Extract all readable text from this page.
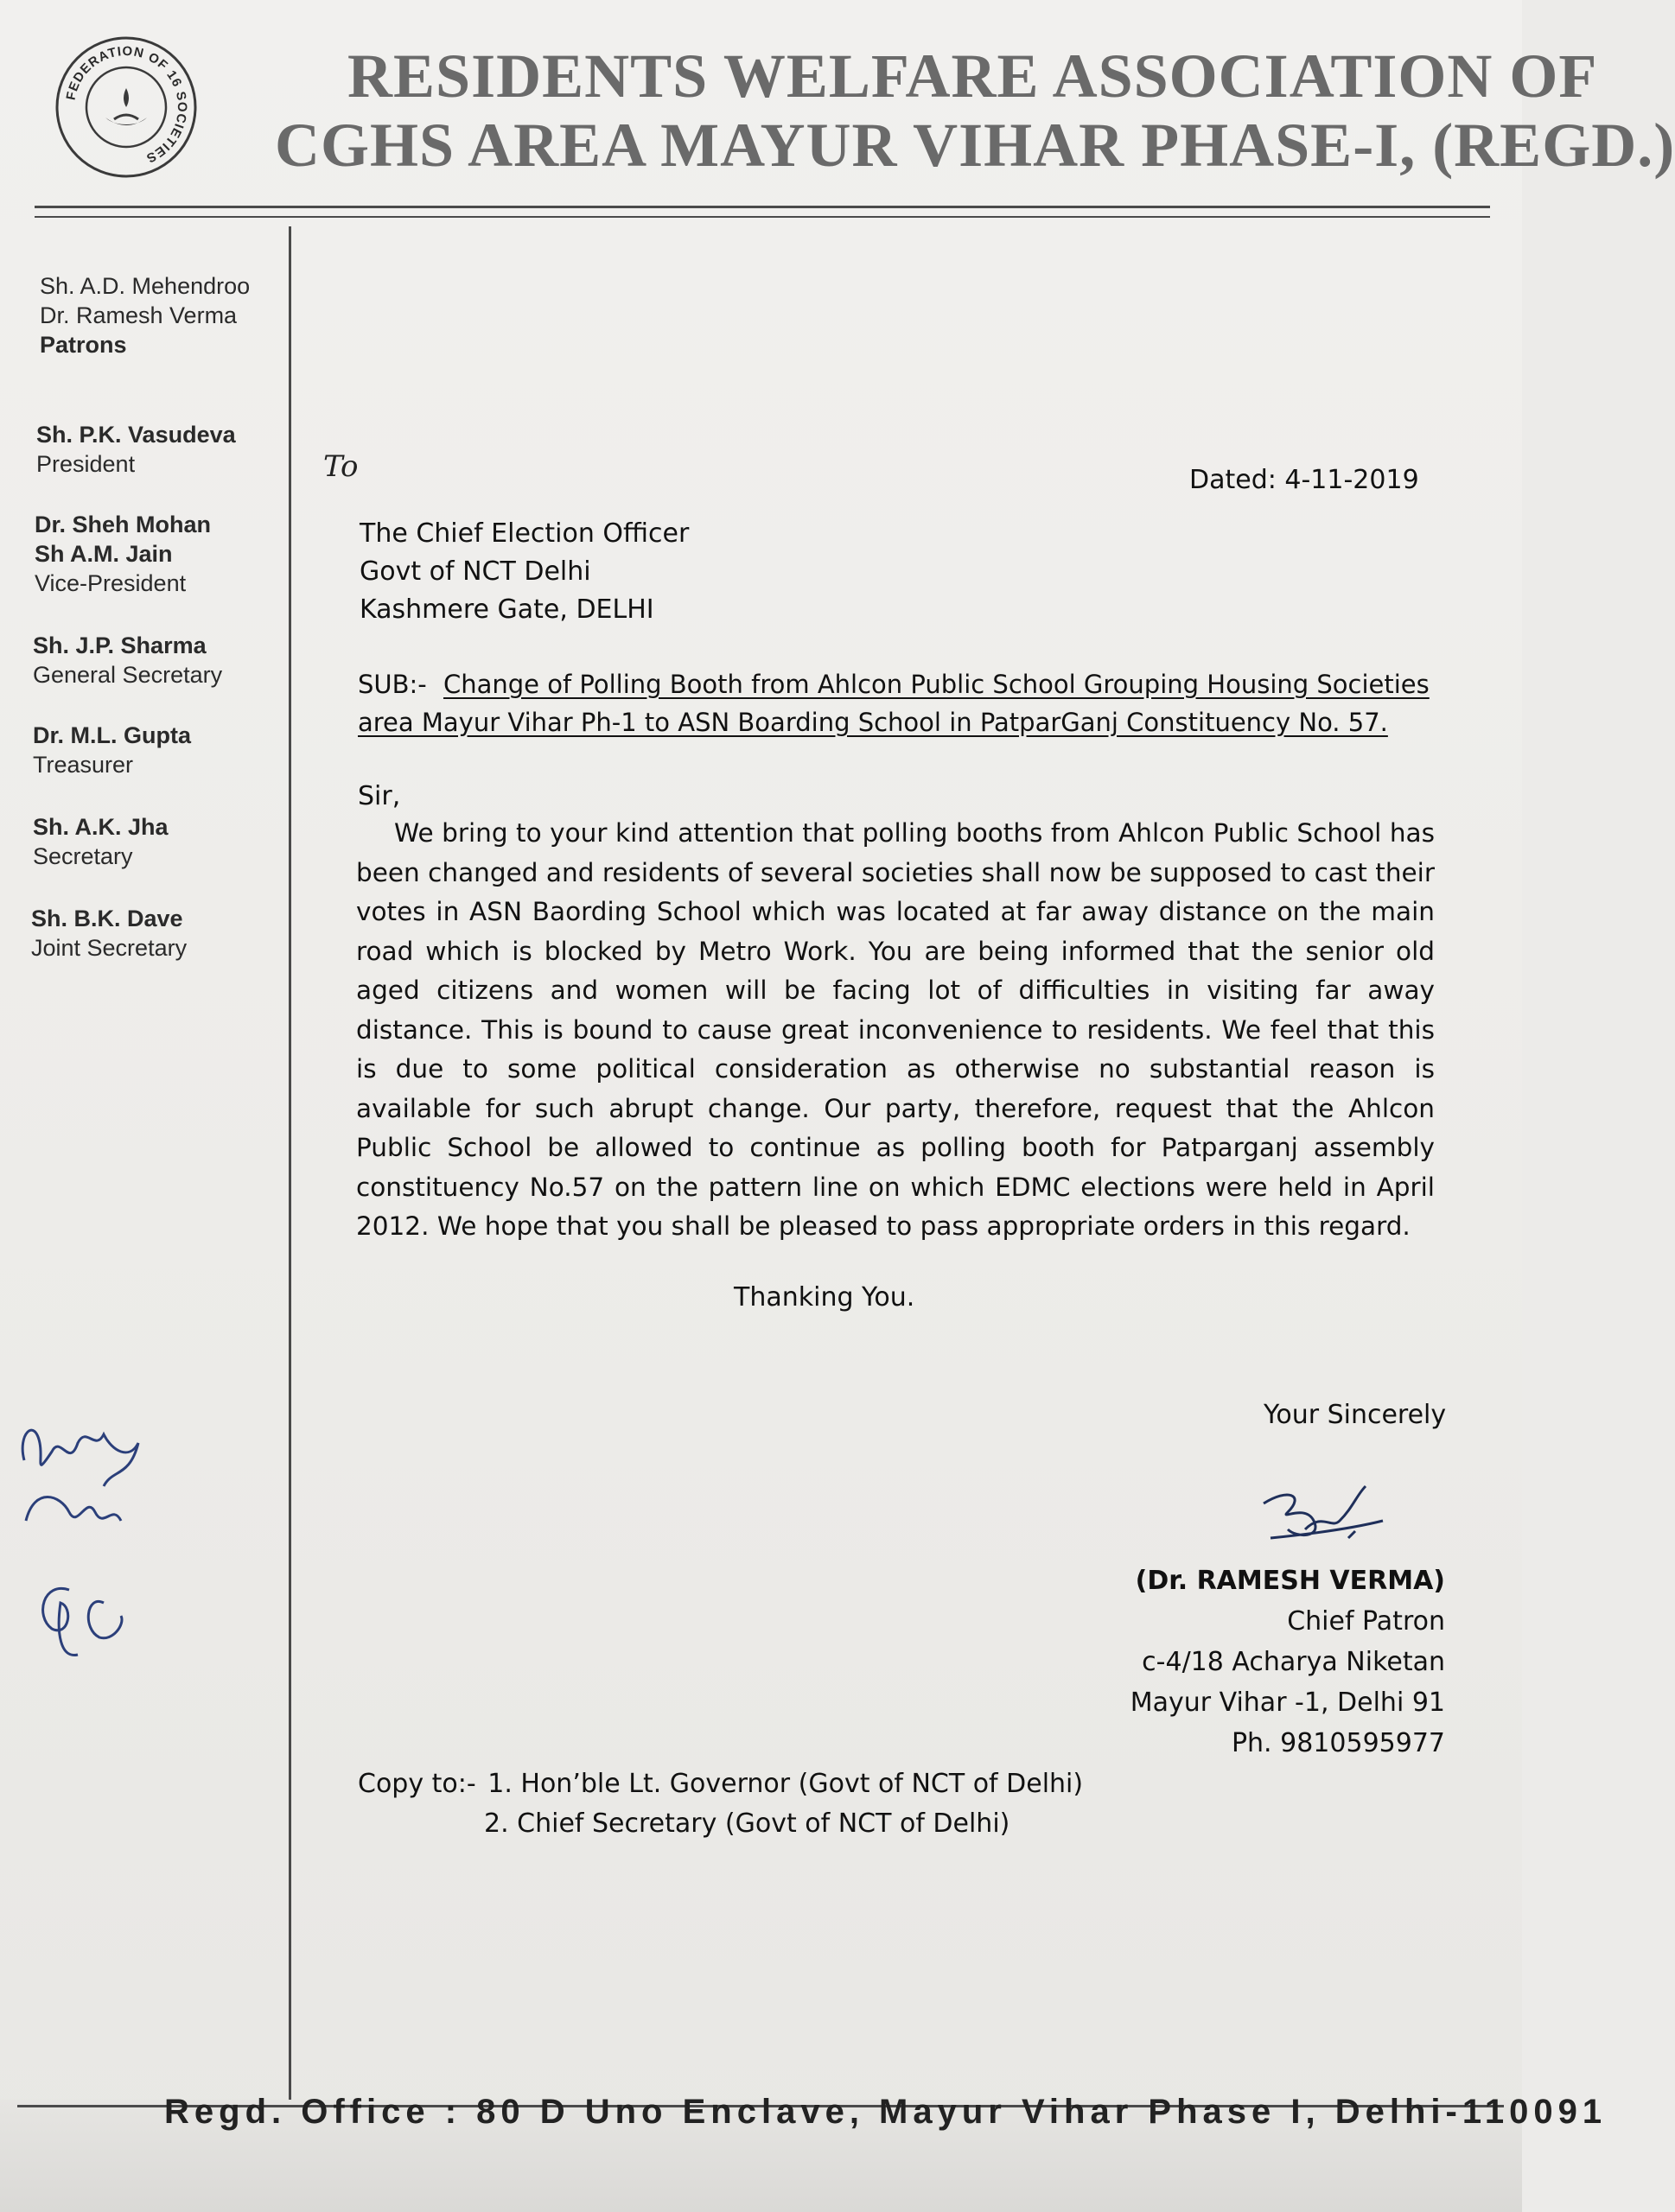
FEDERATION OF 16 SOCIETIES
RESIDENTS WELFARE ASSOCIATION OF
CGHS AREA MAYUR VIHAR PHASE-I, (REGD.)
Sh. A.D. Mehendroo
Dr. Ramesh Verma
Patrons
Sh. P.K. Vasudeva
President
Dr. Sheh Mohan
Sh A.M. Jain
Vice-President
Sh. J.P. Sharma
General Secretary
Dr. M.L. Gupta
Treasurer
Sh. A.K. Jha
Secretary
Sh. B.K. Dave
Joint Secretary
To	Dated: 4-11-2019
The Chief Election Officer
Govt of NCT Delhi
Kashmere Gate, DELHI
SUB:- Change of Polling Booth from Ahlcon Public School Grouping Housing Societies
area Mayur Vihar Ph-1 to ASN Boarding School in PatparGanj Constituency No. 57.
Sir,
We bring to your kind attention that polling booths from Ahlcon Public School has been changed and residents of several societies shall now be supposed to cast their votes in ASN Baording School which was located at far away distance on the main road which is blocked by Metro Work. You are being informed that the senior old aged citizens and women will be facing lot of difficulties in visiting far away distance. This is bound to cause great inconvenience to residents. We feel that this is due to some political consideration as otherwise no substantial reason is available for such abrupt change. Our party, therefore, request that the Ahlcon Public School be allowed to continue as polling booth for Patparganj assembly constituency No.57 on the pattern line on which EDMC elections were held in April 2012. We hope that you shall be pleased to pass appropriate orders in this regard.
Thanking You.
Your Sincerely
(Dr. RAMESH VERMA)
Chief Patron
c-4/18 Acharya Niketan
Mayur Vihar -1, Delhi 91
Ph. 9810595977
Copy to:- 1. Hon’ble Lt. Governor (Govt of NCT of Delhi)
2. Chief Secretary (Govt of NCT of Delhi)
Regd. Office : 80 D Uno Enclave, Mayur Vihar Phase I, Delhi-110091
